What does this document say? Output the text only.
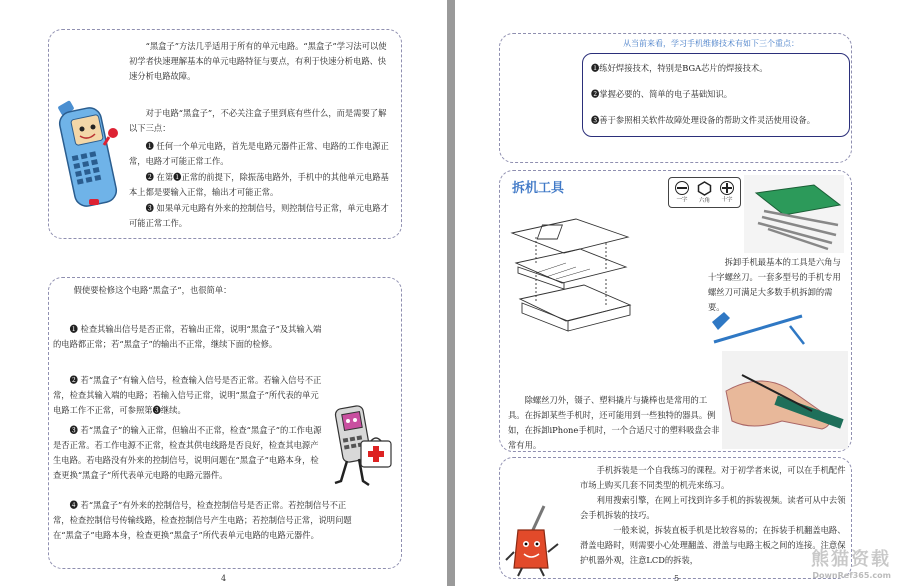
“黑盒子”方法几乎适用于所有的单元电路。“黑盒子”学习法可以使初学者快速理解基本的单元电路特征与要点，有利于快速分析电路、快速分析电路故障。
对于电路“黑盒子”，不必关注盒子里到底有些什么，而是需要了解以下三点：
❶ 任何一个单元电路，首先是电路元器件正常、电路的工作电源正常，电路才可能正常工作。
❷ 在第❶正常的前提下，除振荡电路外，手机中的其他单元电路基本上都是要输入正常，输出才可能正常。
❸ 如果单元电路有外来的控制信号，则控制信号正常，单元电路才可能正常工作。
假使要检修这个电路“黑盒子”，也很简单：
❶ 检查其输出信号是否正常，若输出正常，说明“黑盒子”及其输入端的电路都正常；若“黑盒子”的输出不正常，继续下面的检修。
❷ 若“黑盒子”有输入信号，检查输入信号是否正常。若输入信号不正常，检查其输入端的电路；若输入信号正常，说明“黑盒子”所代表的单元电路工作不正常，可参照第❸继续。
❸ 若“黑盒子”的输入正常，但输出不正常，检查“黑盒子”的工作电源是否正常。若工作电源不正常，检查其供电线路是否良好，检查其电源产生电路。若电路没有外来的控制信号，说明问题在“黑盒子”电路本身，检查更换“黑盒子”所代表单元电路的电路元器件。
❹ 若“黑盒子”有外来的控制信号，检查控制信号是否正常。若控制信号不正常，检查控制信号传输线路，检查控制信号产生电路；若控制信号正常，说明问题在“黑盒子”电路本身，检查更换“黑盒子”所代表单元电路的电路元器件。
4
从当前来看，学习手机维修技术有如下三个重点：
❶练好焊接技术，特别是BGA芯片的焊接技术。
❷掌握必要的、简单的电子基础知识。
❸善于参照相关软件故障处理设备的帮助文件灵活使用设备。
拆机工具
一字 六角 十字
拆卸手机最基本的工具是六角与十字螺丝刀。一套多型号的手机专用螺丝刀可满足大多数手机拆卸的需要。
除螺丝刀外，镊子、塑料撬片与撬棒也是常用的工具。在拆卸某些手机时，还可能用到一些独特的器具。例如，在拆卸iPhone手机时，一个合适尺寸的塑料吸盘会非常有用。
手机拆装是一个自我练习的课程。对于初学者来说，可以在手机配件市场上购买几套不同类型的机壳来练习。
利用搜索引擎，在网上可找到许多手机的拆装视频。读者可从中去领会手机拆装的技巧。
一般来说，拆装直板手机是比较容易的；在拆装手机翻盖电路、滑盖电路时，则需要小心处理翻盖、滑盖与电路主板之间的连接。注意保护机器外观，注意LCD的拆装，
5
熊猫资载
DownRef365.com
